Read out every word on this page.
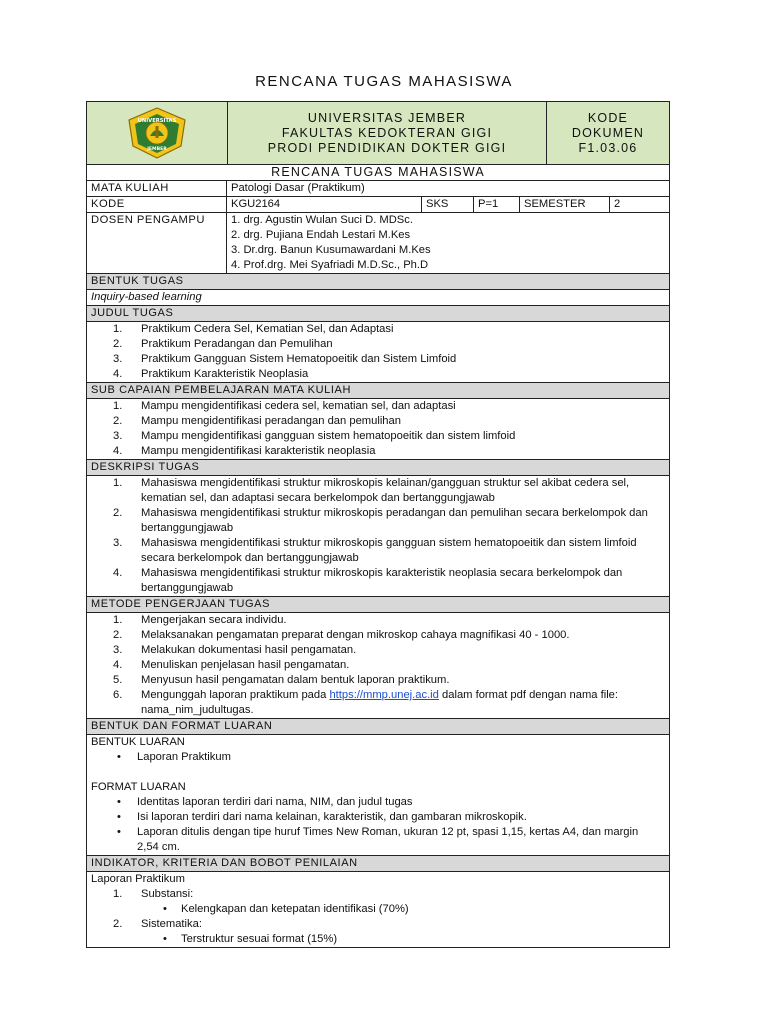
RENCANA TUGAS MAHASISWA
UNIVERSITAS
JEMBER
UNIVERSITAS JEMBER
FAKULTAS KEDOKTERAN GIGI
PRODI PENDIDIKAN DOKTER GIGI
KODE
DOKUMEN
F1.03.06
RENCANA TUGAS MAHASISWA
MATA KULIAH	Patologi Dasar (Praktikum)
KODE	KGU2164	SKS	P=1	SEMESTER	2
DOSEN PENGAMPU	1. drg. Agustin Wulan Suci D. MDSc.
2. drg. Pujiana Endah Lestari M.Kes
3. Dr.drg. Banun Kusumawardani M.Kes
4. Prof.drg. Mei Syafriadi M.D.Sc., Ph.D
BENTUK TUGAS
Inquiry-based learning
JUDUL TUGAS
1.	Praktikum Cedera Sel, Kematian Sel, dan Adaptasi
2.	Praktikum Peradangan dan Pemulihan
3.	Praktikum Gangguan Sistem Hematopoeitik dan Sistem Limfoid
4.	Praktikum Karakteristik Neoplasia
SUB CAPAIAN PEMBELAJARAN MATA KULIAH
1.	Mampu mengidentifikasi cedera sel, kematian sel, dan adaptasi
2.	Mampu mengidentifikasi peradangan dan pemulihan
3.	Mampu mengidentifikasi gangguan sistem hematopoeitik dan sistem limfoid
4.	Mampu mengidentifikasi karakteristik neoplasia
DESKRIPSI TUGAS
1.	Mahasiswa mengidentifikasi struktur mikroskopis kelainan/gangguan struktur sel akibat cedera sel, kematian sel, dan adaptasi secara berkelompok dan bertanggungjawab
2.	Mahasiswa mengidentifikasi struktur mikroskopis peradangan dan pemulihan secara berkelompok dan bertanggungjawab
3.	Mahasiswa mengidentifikasi struktur mikroskopis gangguan sistem hematopoeitik dan sistem limfoid secara berkelompok dan bertanggungjawab
4.	Mahasiswa mengidentifikasi struktur mikroskopis karakteristik neoplasia secara berkelompok dan bertanggungjawab
METODE PENGERJAAN TUGAS
1.	Mengerjakan secara individu.
2.	Melaksanakan pengamatan preparat dengan mikroskop cahaya magnifikasi 40 - 1000.
3.	Melakukan dokumentasi hasil pengamatan.
4.	Menuliskan penjelasan hasil pengamatan.
5.	Menyusun hasil pengamatan dalam bentuk laporan praktikum.
6.	Mengunggah laporan praktikum pada https://mmp.unej.ac.id dalam format pdf dengan nama file: nama_nim_judultugas.
BENTUK DAN FORMAT LUARAN
BENTUK LUARAN
•	Laporan Praktikum
FORMAT LUARAN
•	Identitas laporan terdiri dari nama, NIM, dan judul tugas
•	Isi laporan terdiri dari nama kelainan, karakteristik, dan gambaran mikroskopik.
•	Laporan ditulis dengan tipe huruf Times New Roman, ukuran 12 pt, spasi 1,15, kertas A4, dan margin 2,54 cm.
INDIKATOR, KRITERIA DAN BOBOT PENILAIAN
Laporan Praktikum
1.	Substansi:
•	Kelengkapan dan ketepatan identifikasi (70%)
2.	Sistematika:
•	Terstruktur sesuai format (15%)
